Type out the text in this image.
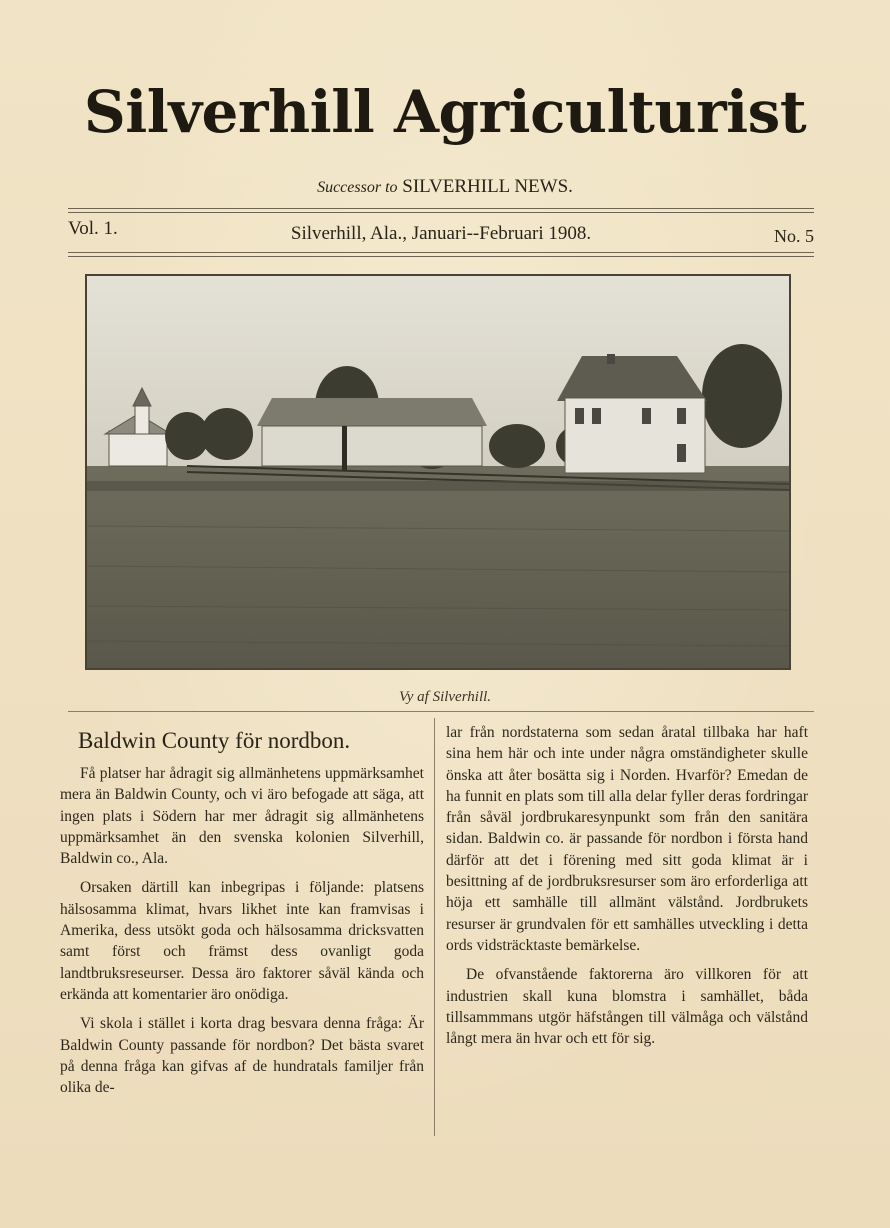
Silverhill Agriculturist
Successor to SILVERHILL NEWS.
Vol. 1.	Silverhill, Ala., Januari--Februari 1908.	No. 5
Vy af Silverhill.
Baldwin County för nordbon.

Få platser har ådragit sig allmänhetens uppmärksamhet mera än Baldwin County, och vi äro befogade att säga, att ingen plats i Södern har mer ådragit sig allmänhetens uppmärksamhet än den svenska kolonien Silverhill, Baldwin co., Ala.

Orsaken därtill kan inbegripas i följande: platsens hälsosamma klimat, hvars likhet inte kan framvisas i Amerika, dess utsökt goda och hälsosamma dricksvatten samt först och främst dess ovanligt goda landtbruksreseurser. Dessa äro faktorer såväl kända och erkända att komentarier äro onödiga.

Vi skola i stället i korta drag besvara denna fråga: Är Baldwin County passande för nordbon? Det bästa svaret på denna fråga kan gifvas af de hundratals familjer från olika de-

lar från nordstaterna som sedan åratal tillbaka har haft sina hem här och inte under några omständigheter skulle önska att åter bosätta sig i Norden. Hvarför? Emedan de ha funnit en plats som till alla delar fyller deras fordringar från såväl jordbrukaresynpunkt som från den sanitära sidan. Baldwin co. är passande för nordbon i första hand därför att det i förening med sitt goda klimat är i besittning af de jordbruksresurser som äro erforderliga att höja ett samhälle till allmänt välstånd. Jordbrukets resurser är grundvalen för ett samhälles utveckling i detta ords vidsträcktaste bemärkelse.

De ofvanstående faktorerna äro villkoren för att industrien skall kuna blomstra i samhället, båda tillsammmans utgör häfstången till välmåga och välstånd långt mera än hvar och ett för sig.
